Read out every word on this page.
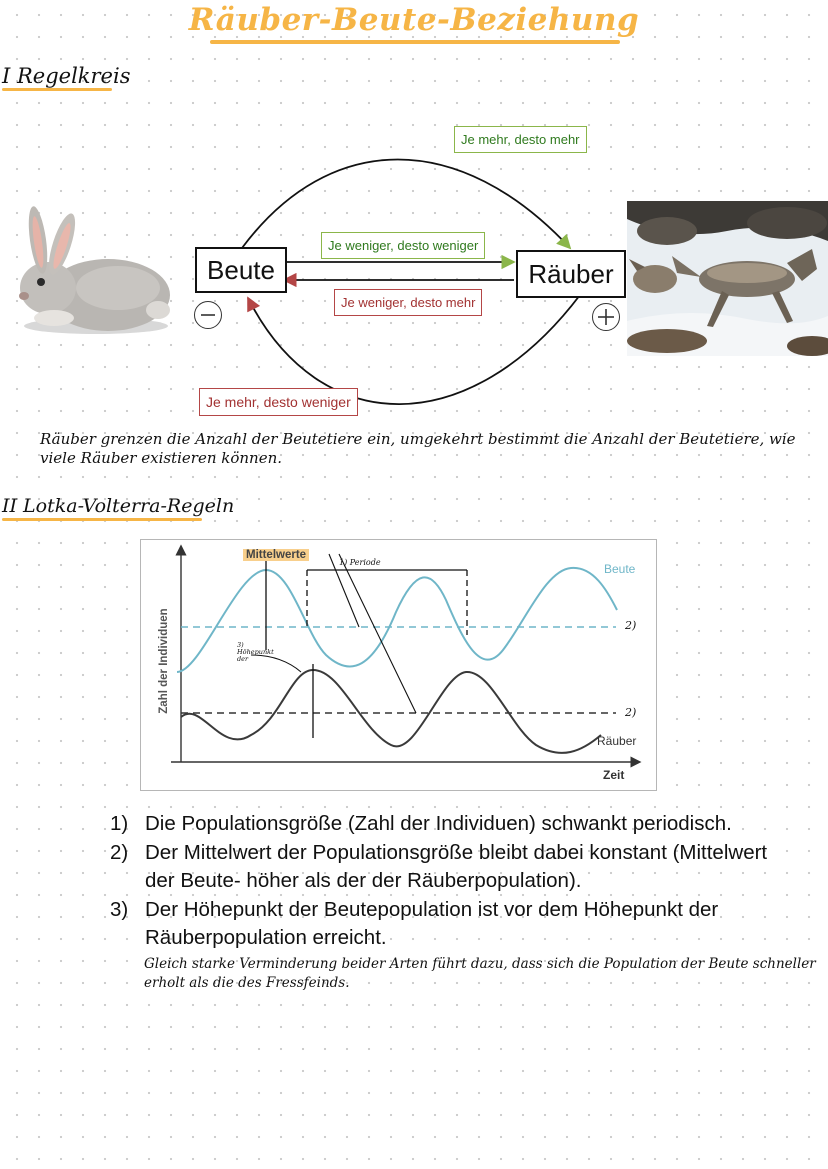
Räuber-Beute-Beziehung
I Regelkreis
Beute	Räuber
Je mehr, desto mehr
Je weniger, desto weniger
Je weniger, desto mehr
Je mehr, desto weniger
Räuber grenzen die Anzahl der Beutetiere ein, umgekehrt bestimmt die Anzahl der Beutetiere, wie
viele Räuber existieren können.
II Lotka-Volterra-Regeln
Mittelwerte
1) Periode
3) Höhepunkt der
Beute
Räuber
Zeit
Zahl der Individuen	2)
2)
1) Die Populationsgröße (Zahl der Individuen) schwankt periodisch.
2) Der Mittelwert der Populationsgröße bleibt dabei konstant (Mittelwert der Beute- höher als der der Räuberpopulation).
3) Der Höhepunkt der Beutepopulation ist vor dem Höhepunkt der Räuberpopulation erreicht.
Gleich starke Verminderung beider Arten führt dazu, dass sich die Population der Beute schneller
erholt als die des Fressfeinds.
